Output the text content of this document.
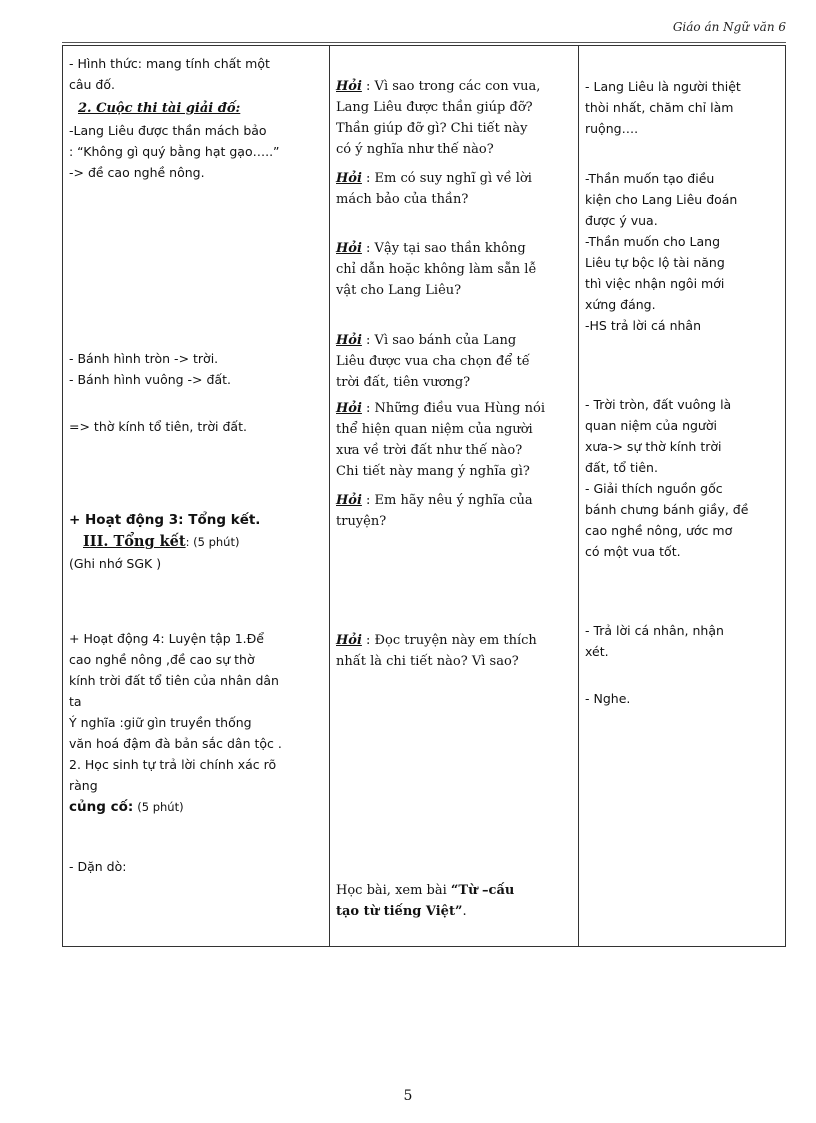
Giáo án Ngữ văn 6
- Hình thức: mang tính chất một
câu đố.
2. Cuộc thi tài giải đố:
-Lang Liêu được thần mách bảo
: “Không gì quý bằng hạt gạo…..”
-> đề cao nghề nông.
- Bánh hình tròn -> trời.
- Bánh hình vuông -> đất.
=> thờ kính tổ tiên, trời đất.
+ Hoạt động 3: Tổng kết.
III. Tổng kết: (5 phút)
(Ghi nhớ SGK )
+ Hoạt động 4: Luyện tập 1.Để
cao nghề nông ,đề cao sự thờ
kính trời đất tổ tiên của nhân dân
ta
Ý nghĩa :giữ gìn truyền thống
văn hoá đậm đà bản sắc dân tộc .
2. Học sinh tự trả lời chính xác rõ
ràng
củng cố: (5 phút)
- Dặn dò:
Hỏi : Vì sao trong các con vua,
Lang Liêu được thần giúp đỡ?
Thần giúp đỡ gì? Chi tiết này
có ý nghĩa như thế nào?
Hỏi : Em có suy nghĩ gì về lời
mách bảo của thần?
Hỏi : Vậy tại sao thần không
chỉ dẫn hoặc không làm sẵn lễ
vật cho Lang Liêu?
Hỏi : Vì sao bánh của Lang
Liêu được vua cha chọn để tế
trời đất, tiên vương?
Hỏi : Những điều vua Hùng nói
thể hiện quan niệm của người
xưa về trời đất như thế nào?
Chi tiết này mang ý nghĩa gì?
Hỏi : Em hãy nêu ý nghĩa của
truyện?
Hỏi : Đọc truyện này em thích
nhất là chi tiết nào? Vì sao?
Học bài, xem bài “Từ –cấu
tạo từ tiếng Việt”.
- Lang Liêu là người thiệt
thòi nhất, chăm chỉ làm
ruộng….
-Thần muốn tạo điều
kiện cho Lang Liêu đoán
được ý vua.
-Thần muốn cho Lang
Liêu tự bộc lộ tài năng
thì việc nhận ngôi mới
xứng đáng.
-HS trả lời cá nhân
- Trời tròn, đất vuông là
quan niệm của người
xưa-> sự thờ kính trời
đất, tổ tiên.
- Giải thích nguồn gốc
bánh chưng bánh giầy, đề
cao nghề nông, ước mơ
có một vua tốt.
- Trả lời cá nhân, nhận
xét.
- Nghe.
5
